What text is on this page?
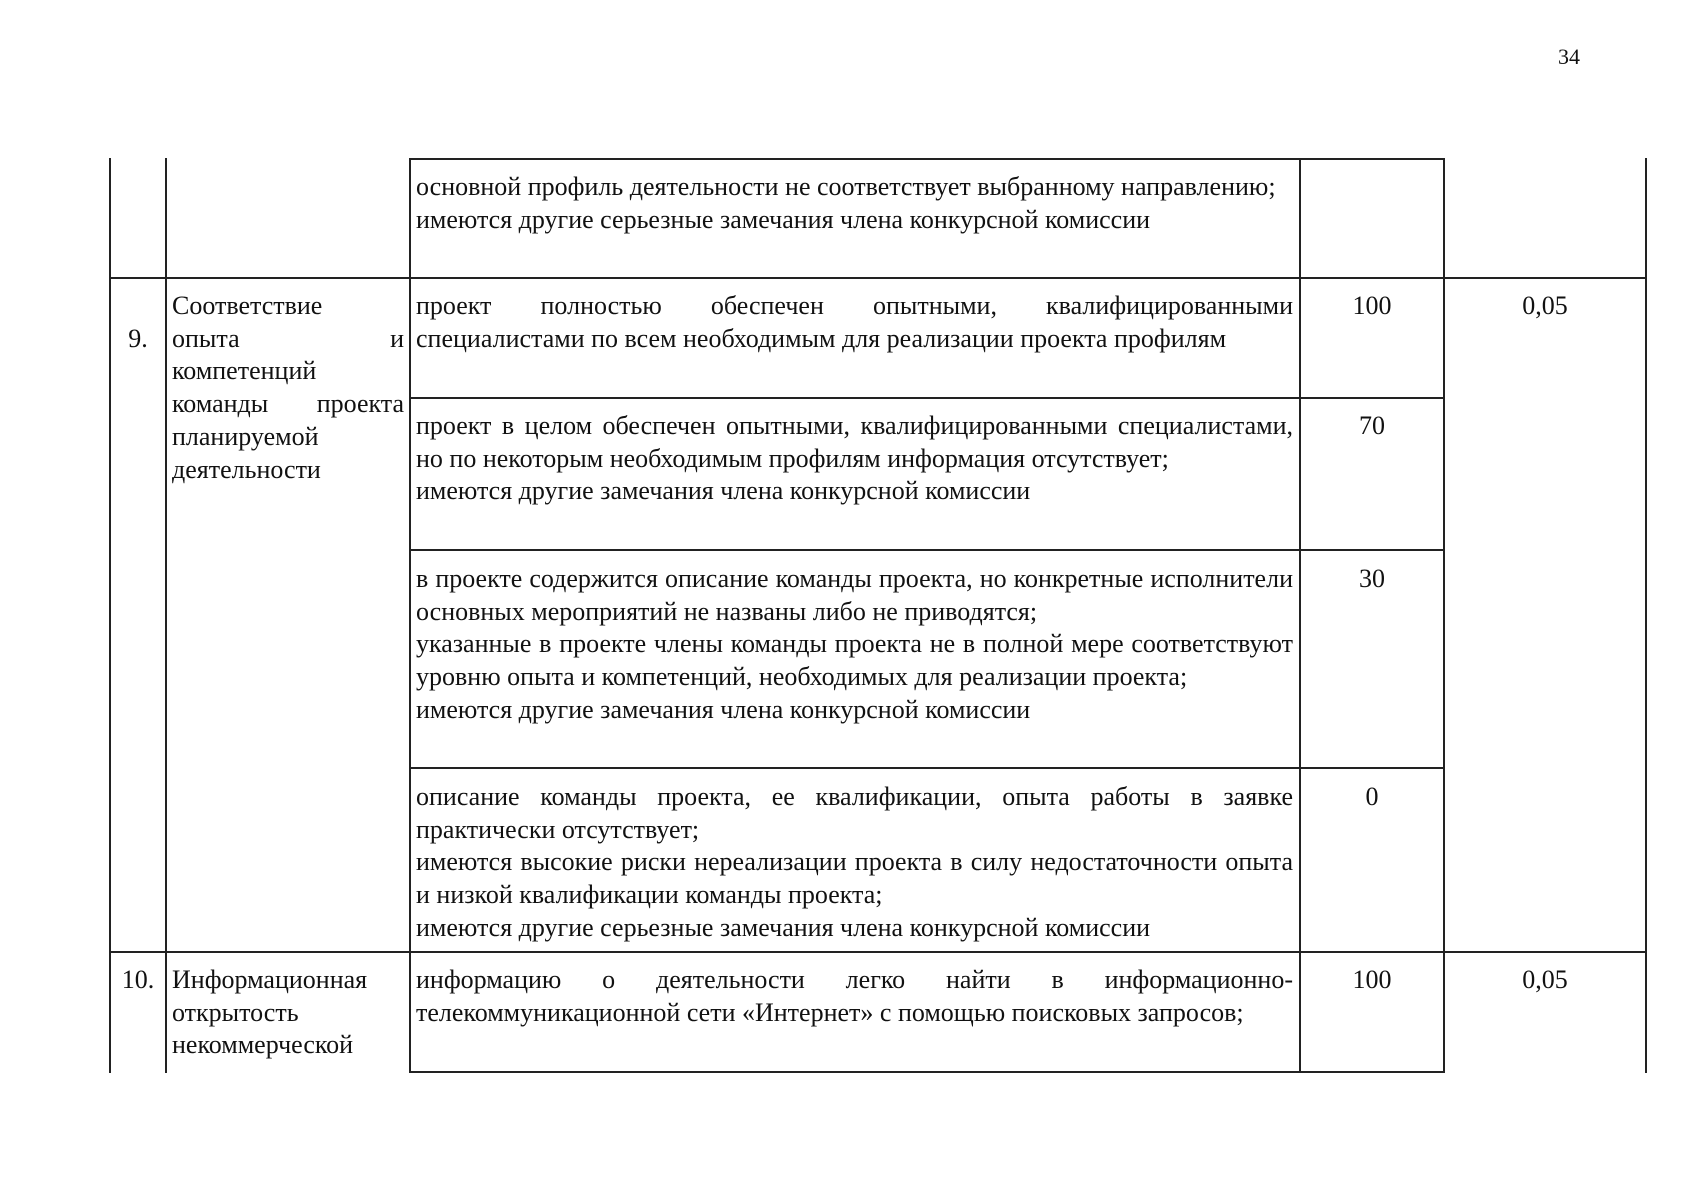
34

основной профиль деятельности не соответствует выбранному направлению;

имеются другие серьезные замечания члена конкурсной комиссии

9.
Соответствие
опыта и
компетенций
команды проекта
планируемой
деятельности
0,05

проект полностью обеспечен опытными, квалифицированными специалистами по всем необходимым для реализации проекта профилям

100

проект в целом обеспечен опытными, квалифицированными специалистами, но по некоторым необходимым профилям информация отсутствует;

имеются другие замечания члена конкурсной комиссии

70

в проекте содержится описание команды проекта, но конкретные исполнители основных мероприятий не названы либо не приводятся;

указанные в проекте члены команды проекта не в полной мере соответствуют уровню опыта и компетенций, необходимых для реализации проекта;

имеются другие замечания члена конкурсной комиссии

30

описание команды проекта, ее квалификации, опыта работы в заявке практически отсутствует;

имеются высокие риски нереализации проекта в силу недостаточности опыта и низкой квалификации команды проекта;

имеются другие серьезные замечания члена конкурсной комиссии

0
10. Информационная
открытость
некоммерческой

информацию о деятельности легко найти в информационно-телекоммуникационной сети «Интернет» с помощью поисковых запросов;

100	0,05
